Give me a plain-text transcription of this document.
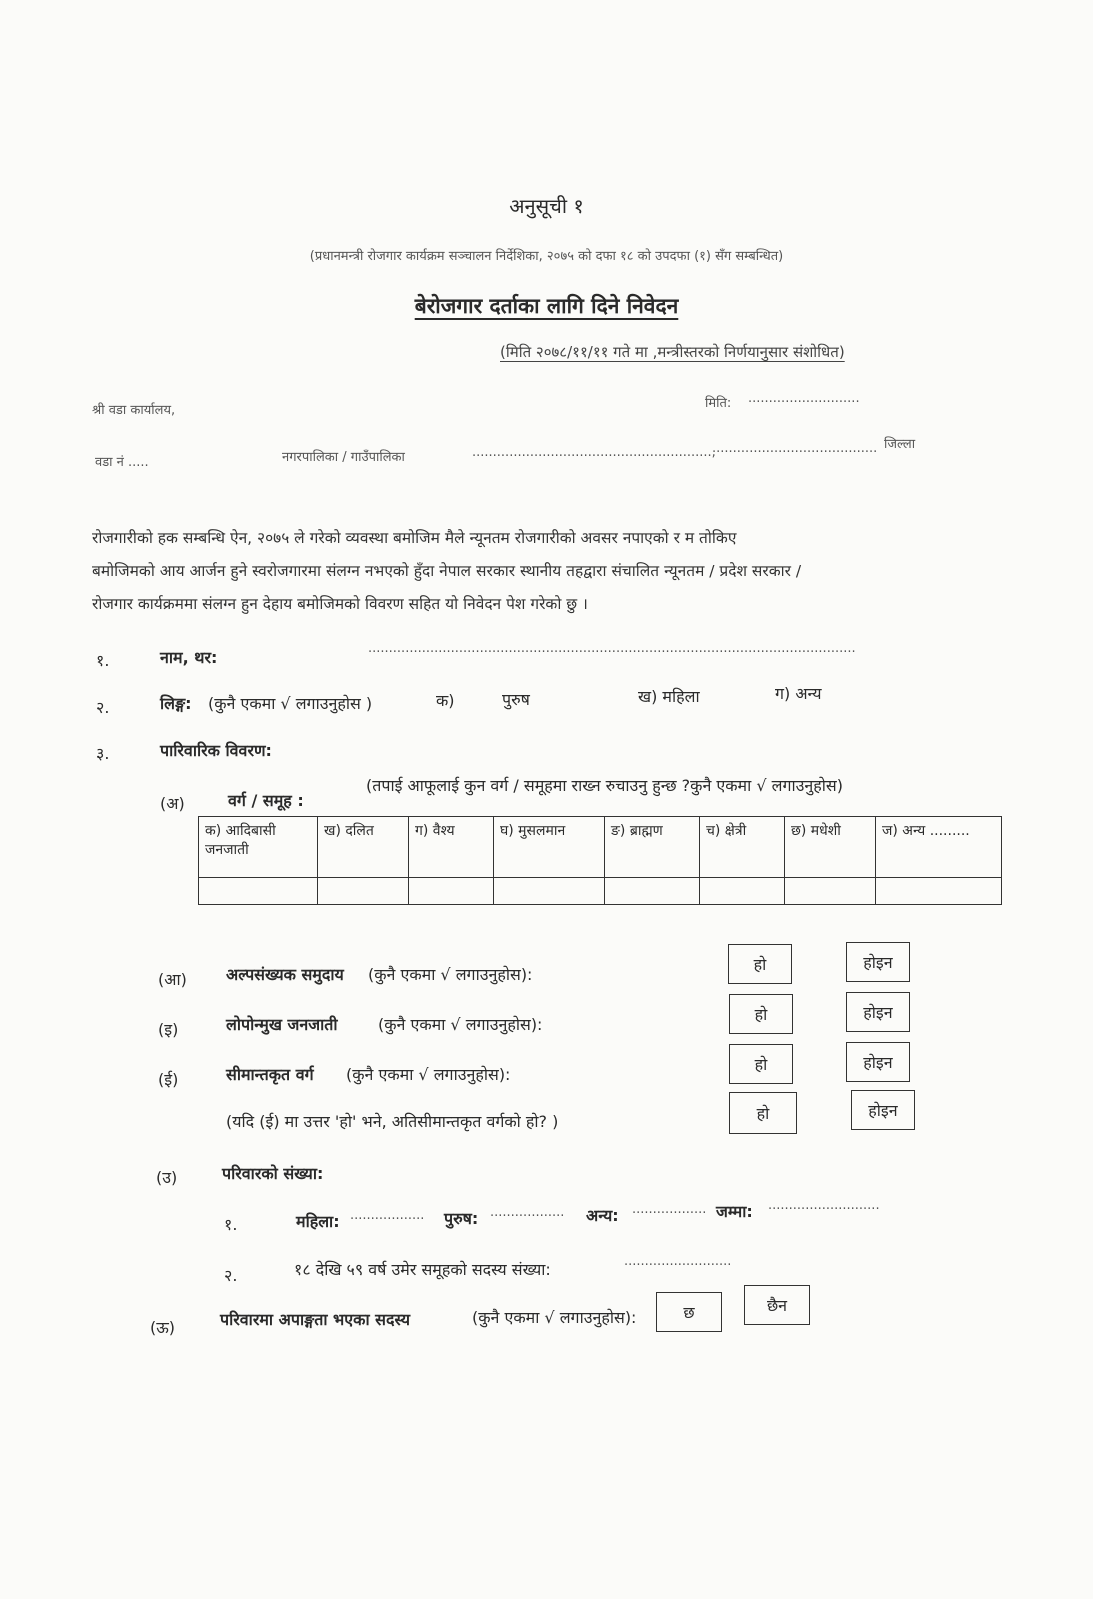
अनुसूची १
(प्रधानमन्त्री रोजगार कार्यक्रम सञ्चालन निर्देशिका, २०७५ को दफा १८ को उपदफा (१) सँग सम्बन्धित)
बेरोजगार दर्ताका लागि दिने निवेदन
(मिति २०७८/११/११ गते मा ,मन्त्रीस्तरको निर्णयानुसार संशोधित)
श्री वडा कार्यालय,	मिति: ...........................
वडा नं .....	नगरपालिका / गाउँपालिका	..........................................................,
........................................ जिल्ला
रोजगारीको हक सम्बन्धि ऐन, २०७५ ले गरेको व्यवस्था बमोजिम मैले न्यूनतम रोजगारीको अवसर नपाएको र म तोकिए
बमोजिमको आय आर्जन हुने स्वरोजगारमा संलग्न नभएको हुँदा नेपाल सरकार स्थानीय तहद्वारा संचालित न्यूनतम / प्रदेश सरकार /
रोजगार कार्यक्रममा संलग्न हुन देहाय बमोजिमको विवरण सहित यो निवेदन पेश गरेको छु ।
१.	नाम, थर:	......................................................................................................................
२.	लिङ्ग: (कुनै एकमा √ लगाउनुहोस )	क)	पुरुष	ख) महिला	ग) अन्य
३.	पारिवारिक विवरण:
(अ)	वर्ग / समूह :
(तपाई आफूलाई कुन वर्ग / समूहमा राख्न रुचाउनु हुन्छ ?कुनै एकमा √ लगाउनुहोस)
क) आदिबासी जनजाती	ख) दलित	ग) वैश्य	घ) मुसलमान	ङ) ब्राह्मण	च) क्षेत्री	छ) मधेशी	ज) अन्य .........

(आ) अल्पसंख्यक समुदाय (कुनै एकमा √ लगाउनुहोस):
हो	होइन
(इ)	लोपोन्मुख जनजाती	(कुनै एकमा √ लगाउनुहोस):
हो	होइन
(ई)	सीमान्तकृत वर्ग (कुनै एकमा √ लगाउनुहोस):
हो	होइन
(यदि (ई) मा उत्तर 'हो' भने, अतिसीमान्तकृत वर्गको हो? )	हो	होइन
(उ)	परिवारको संख्या:
१.	महिला: .................. पुरुष: .................. अन्य: .................. जम्मा: ...........................
२.	१८ देखि ५९ वर्ष उमेर समूहको सदस्य संख्या:	..........................
(ऊ)	परिवारमा अपाङ्गता भएका सदस्य	(कुनै एकमा √ लगाउनुहोस):	छ	छैन
